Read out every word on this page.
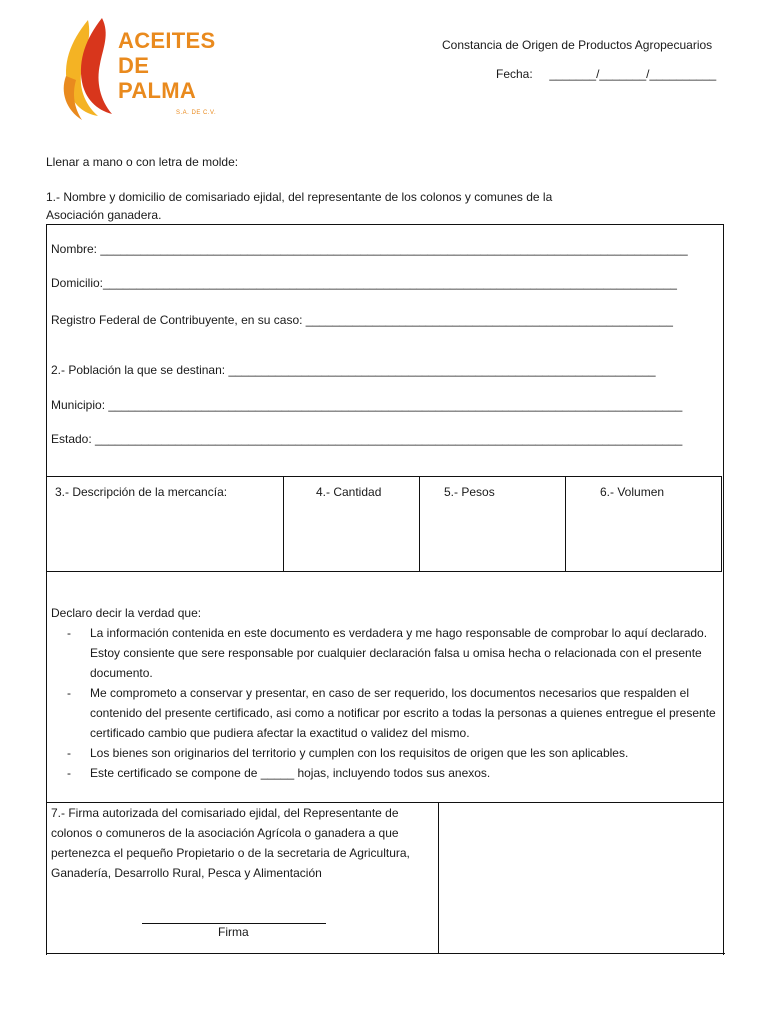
ACEITES
DE
PALMA
S.A. DE C.V.
Constancia de Origen de Productos Agropecuarios
Fecha: _______/_______/__________
Llenar a mano o con letra de molde:
1.- Nombre y domicilio de comisariado ejidal, del representante de los colonos y comunes de la Asociación ganadera.
Nombre: ________________________________________________________________________________________
Domicilio:______________________________________________________________________________________
Registro Federal de Contribuyente, en su caso: _______________________________________________________
2.- Población la que se destinan: ________________________________________________________________
Municipio: ______________________________________________________________________________________
Estado: ________________________________________________________________________________________
3.- Descripción de la mercancía:	4.- Cantidad	5.- Pesos	6.- Volumen
Declaro decir la verdad que:
- La información contenida en este documento es verdadera y me hago responsable de comprobar lo aquí declarado. Estoy consiente que sere responsable por cualquier declaración falsa u omisa hecha o relacionada con el presente documento.
- Me comprometo a conservar y presentar, en caso de ser requerido, los documentos necesarios que respalden el contenido del presente certificado, asi como a notificar por escrito a todas la personas a quienes entregue el presente certificado cambio que pudiera afectar la exactitud o validez del mismo.
- Los bienes son originarios del territorio y cumplen con los requisitos de origen que les son aplicables.
- Este certificado se compone de _____ hojas, incluyendo todos sus anexos.
7.- Firma autorizada del comisariado ejidal, del Representante de colonos o comuneros de la asociación Agrícola o ganadera a que pertenezca el pequeño Propietario o de la secretaria de Agricultura, Ganadería, Desarrollo Rural, Pesca y Alimentación
Firma
